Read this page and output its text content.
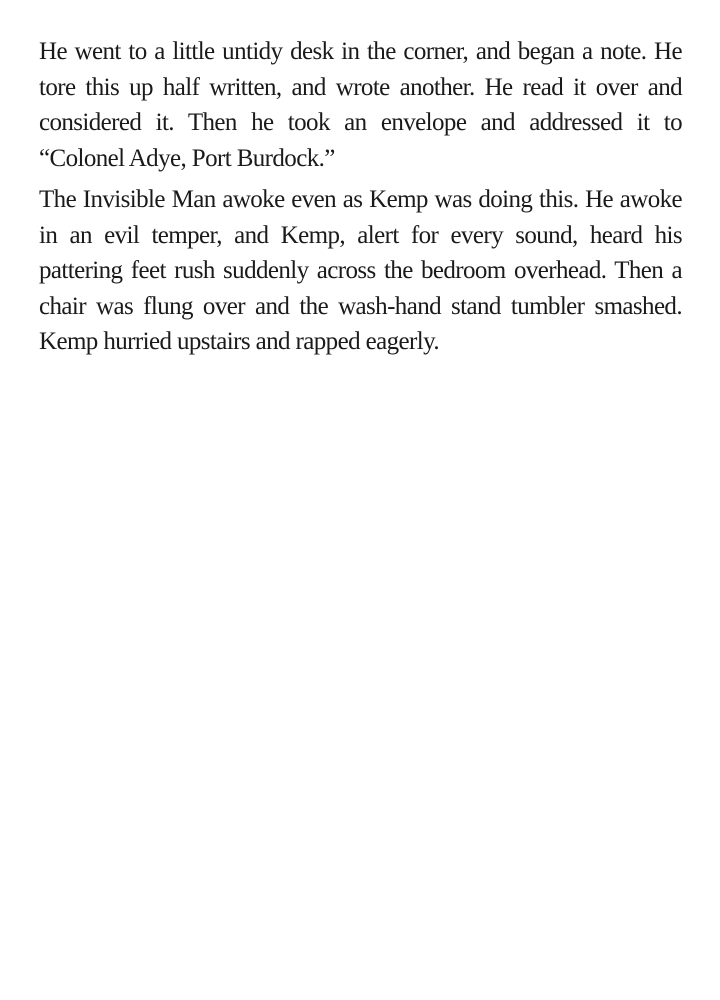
He went to a little untidy desk in the corner, and began a note. He tore this up half written, and wrote another. He read it over and considered it. Then he took an envelope and addressed it to “Colonel Adye, Port Burdock.”

The Invisible Man awoke even as Kemp was doing this. He awoke in an evil temper, and Kemp, alert for every sound, heard his pattering feet rush suddenly across the bedroom overhead. Then a chair was flung over and the wash-hand stand tumbler smashed. Kemp hurried upstairs and rapped eagerly.
